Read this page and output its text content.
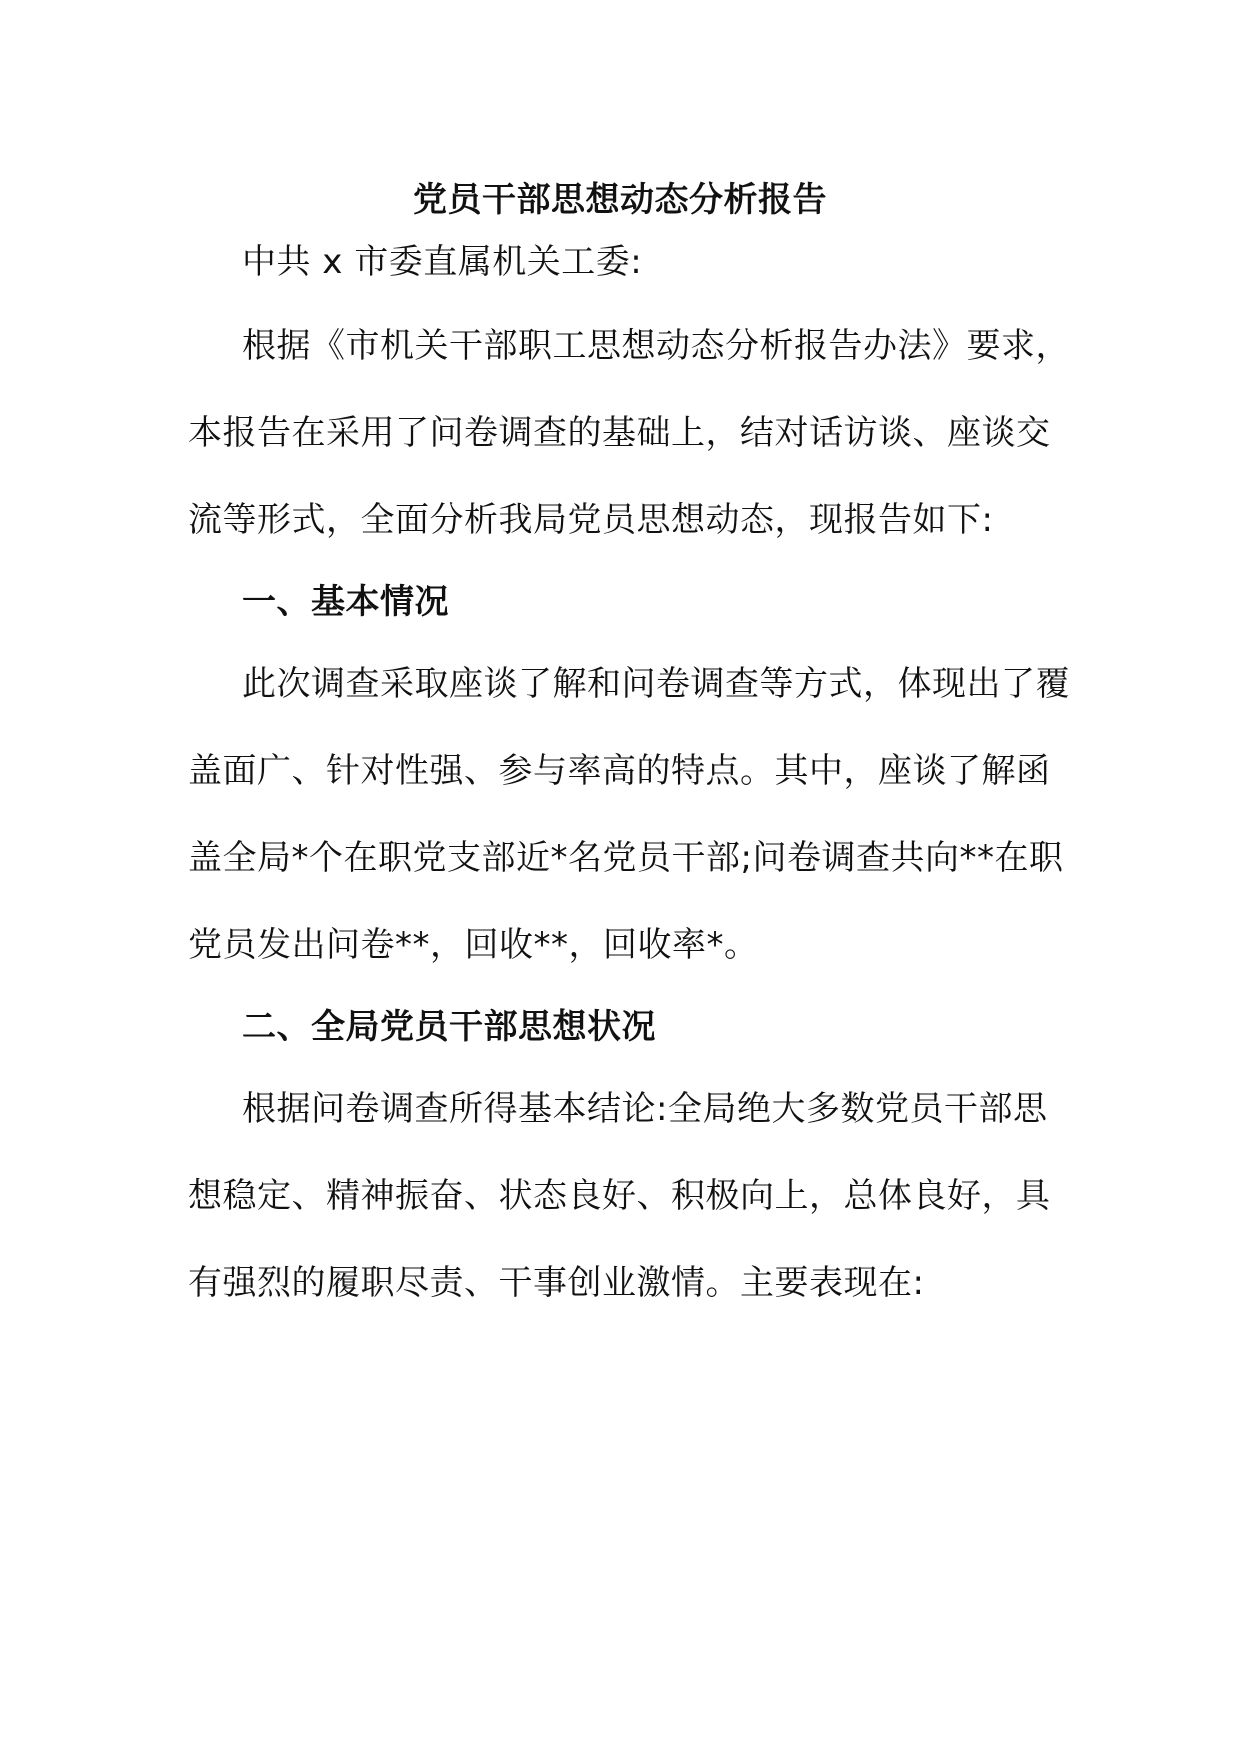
党员干部思想动态分析报告
中共 x 市委直属机关工委:
根据《市机关干部职工思想动态分析报告办法》要求，
本报告在采用了问卷调查的基础上，结对话访谈、座谈交
流等形式，全面分析我局党员思想动态，现报告如下:
一、基本情况
此次调查采取座谈了解和问卷调查等方式，体现出了覆
盖面广、针对性强、参与率高的特点。其中，座谈了解函
盖全局*个在职党支部近*名党员干部;问卷调查共向**在职
党员发出问卷**，回收**，回收率*。
二、全局党员干部思想状况
根据问卷调查所得基本结论:全局绝大多数党员干部思
想稳定、精神振奋、状态良好、积极向上，总体良好，具
有强烈的履职尽责、干事创业激情。主要表现在:
